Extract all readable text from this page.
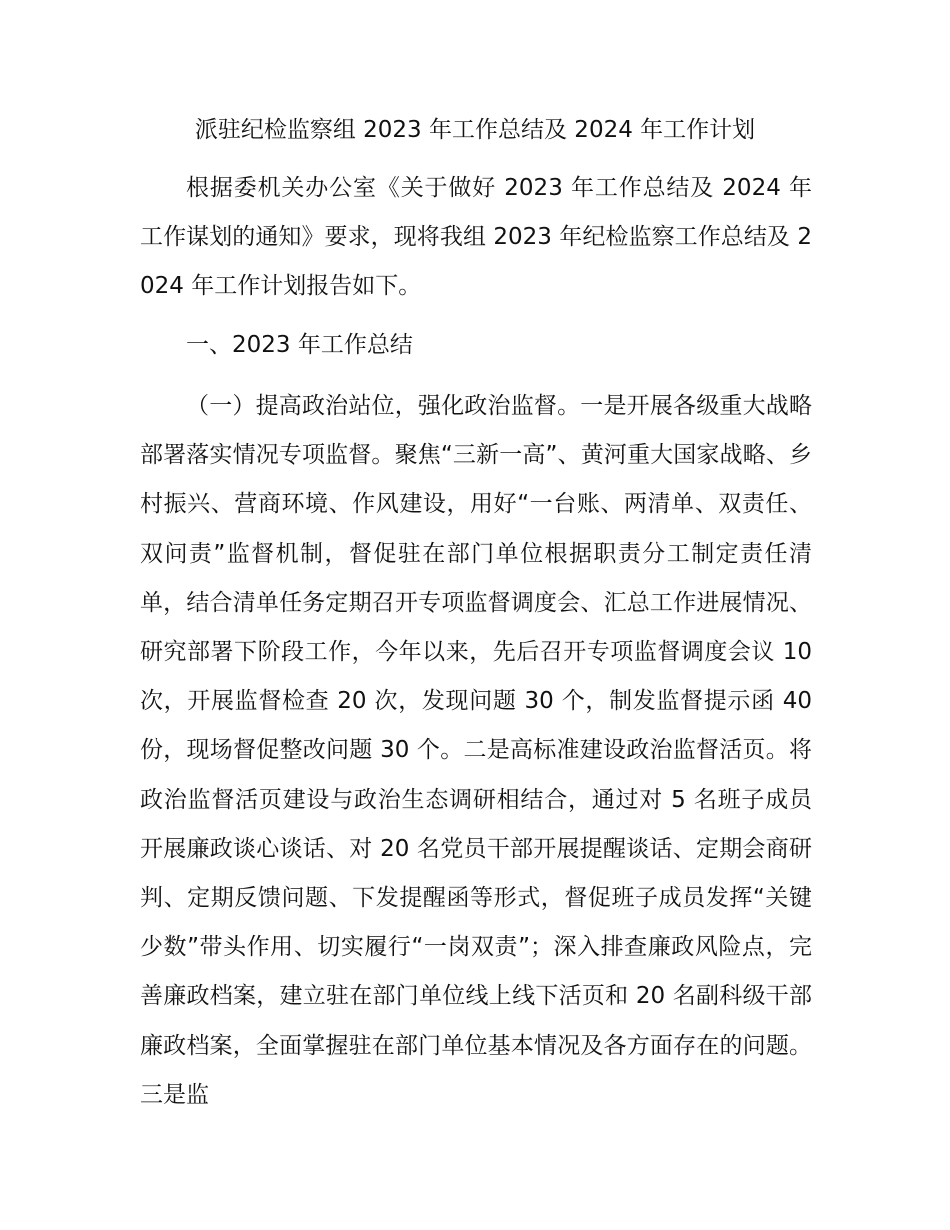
派驻纪检监察组 2023 年工作总结及 2024 年工作计划

根据委机关办公室《关于做好 2023 年工作总结及 2024 年工作谋划的通知》要求，现将我组 2023 年纪检监察工作总结及 2024 年工作计划报告如下。

一、2023 年工作总结

（一）提高政治站位，强化政治监督。一是开展各级重大战略部署落实情况专项监督。聚焦“三新一高”、黄河重大国家战略、乡村振兴、营商环境、作风建设，用好“一台账、两清单、双责任、双问责”监督机制，督促驻在部门单位根据职责分工制定责任清单，结合清单任务定期召开专项监督调度会、汇总工作进展情况、研究部署下阶段工作，今年以来，先后召开专项监督调度会议 10 次，开展监督检查 20 次，发现问题 30 个，制发监督提示函 40 份，现场督促整改问题 30 个。二是高标准建设政治监督活页。将政治监督活页建设与政治生态调研相结合，通过对 5 名班子成员开展廉政谈心谈话、对 20 名党员干部开展提醒谈话、定期会商研判、定期反馈问题、下发提醒函等形式，督促班子成员发挥“关键少数”带头作用、切实履行“一岗双责”；深入排查廉政风险点，完善廉政档案，建立驻在部门单位线上线下活页和 20 名副科级干部廉政档案，全面掌握驻在部门单位基本情况及各方面存在的问题。三是监
